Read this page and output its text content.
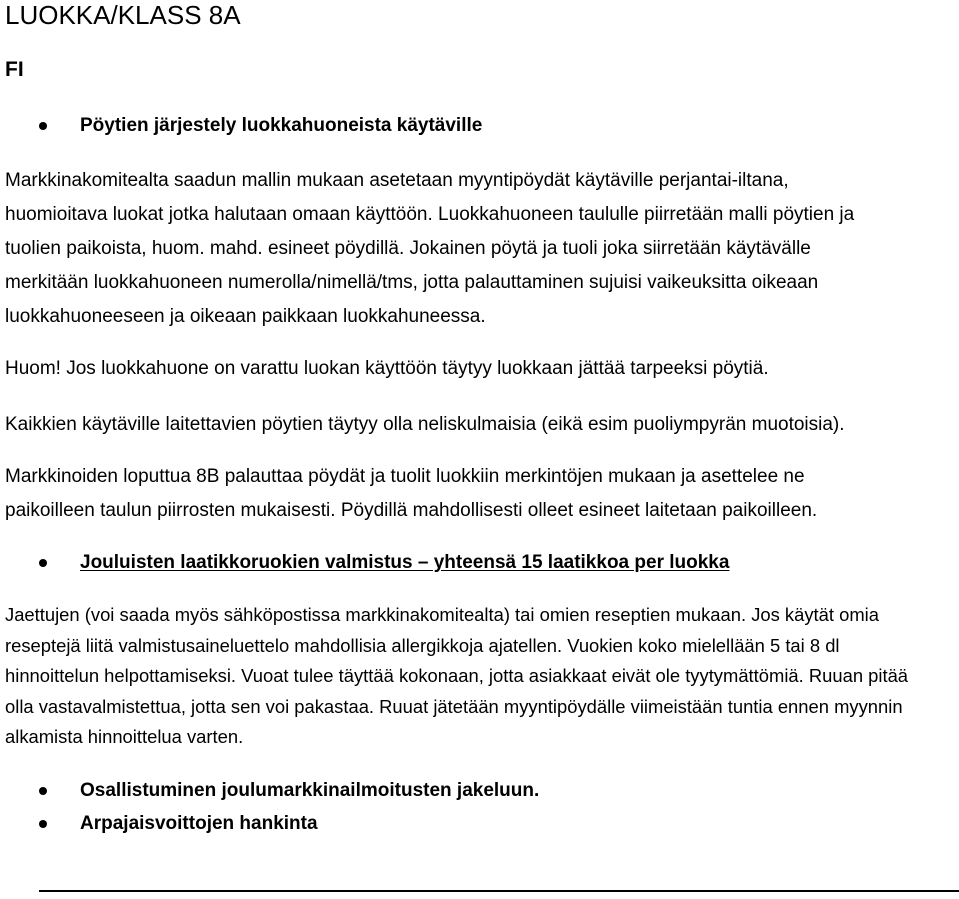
LUOKKA/KLASS 8A
FI
Pöytien järjestely luokkahuoneista käytäville

Markkinakomitealta saadun mallin mukaan asetetaan myyntipöydät käytäville perjantai-iltana,
huomioitava luokat jotka halutaan omaan käyttöön. Luokkahuoneen taululle piirretään malli pöytien ja
tuolien paikoista, huom. mahd. esineet pöydillä. Jokainen pöytä ja tuoli joka siirretään käytävälle
merkitään luokkahuoneen numerolla/nimellä/tms, jotta palauttaminen sujuisi vaikeuksitta oikeaan
luokkahuoneeseen ja oikeaan paikkaan luokkahuneessa.

Huom! Jos luokkahuone on varattu luokan käyttöön täytyy luokkaan jättää tarpeeksi pöytiä.

Kaikkien käytäville laitettavien pöytien täytyy olla neliskulmaisia (eikä esim puoliympyrän muotoisia).

Markkinoiden loputtua 8B palauttaa pöydät ja tuolit luokkiin merkintöjen mukaan ja asettelee ne
paikoilleen taulun piirrosten mukaisesti. Pöydillä mahdollisesti olleet esineet laitetaan paikoilleen.

Jouluisten laatikkoruokien valmistus – yhteensä 15 laatikkoa per luokka

Jaettujen (voi saada myös sähköpostissa markkinakomitealta) tai omien reseptien mukaan. Jos käytät omia
reseptejä liitä valmistusaineluettelo mahdollisia allergikkoja ajatellen. Vuokien koko mielellään 5 tai 8 dl
hinnoittelun helpottamiseksi. Vuoat tulee täyttää kokonaan, jotta asiakkaat eivät ole tyytymättömiä. Ruuan pitää
olla vastavalmistettua, jotta sen voi pakastaa. Ruuat jätetään myyntipöydälle viimeistään tuntia ennen myynnin
alkamista hinnoittelua varten.

Osallistuminen joulumarkkinailmoitusten jakeluun.
Arpajaisvoittojen hankinta
